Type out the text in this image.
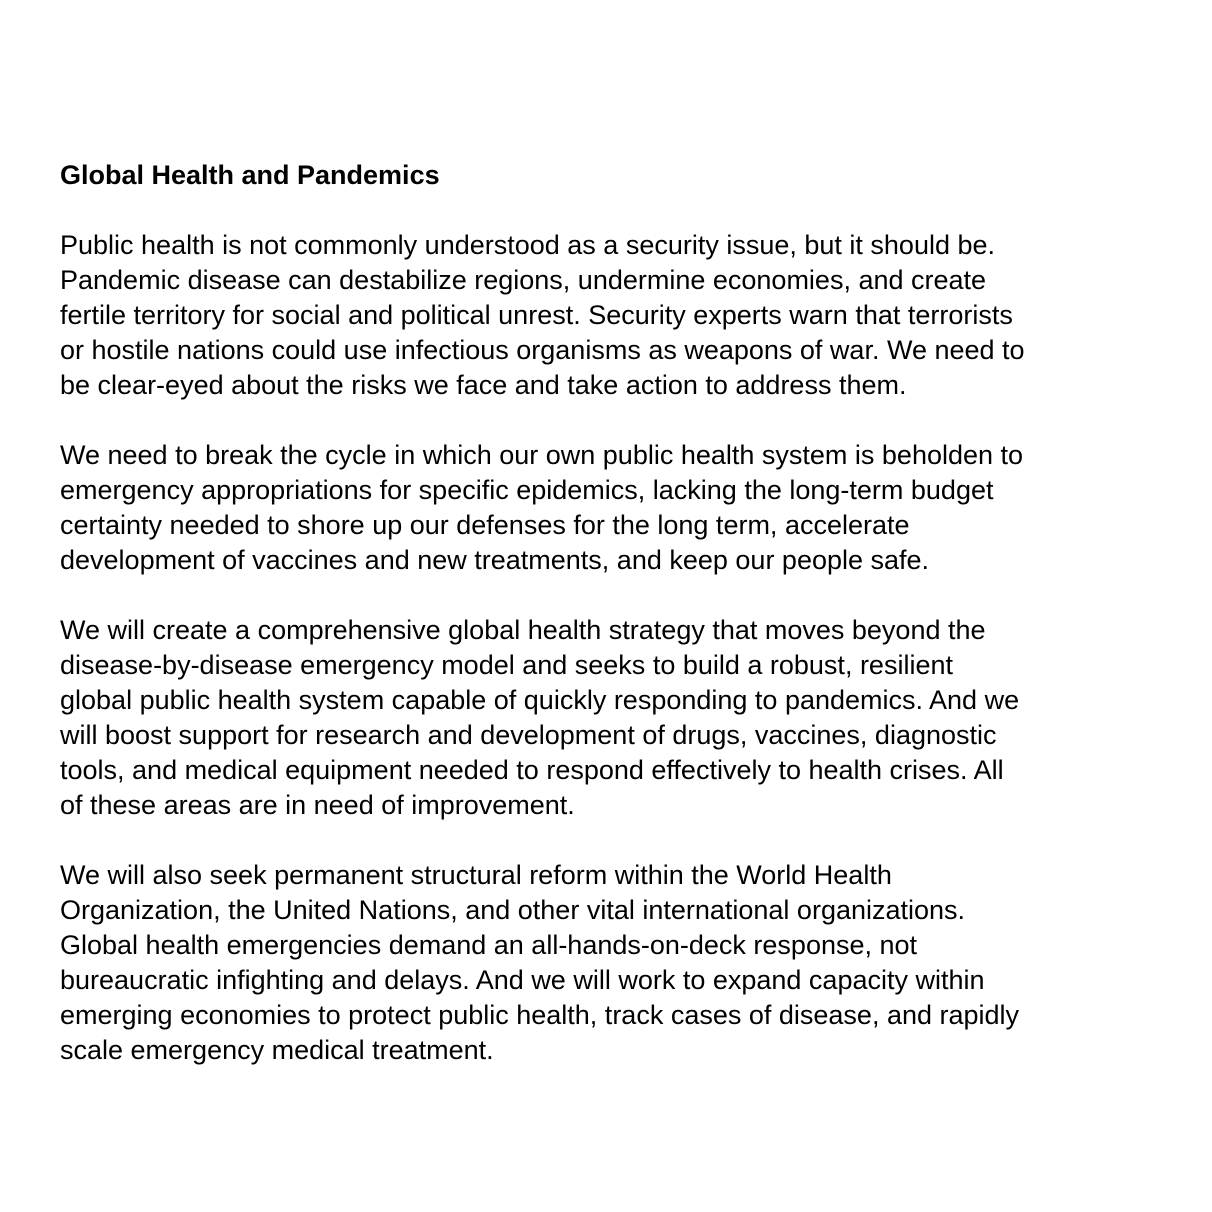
Global Health and Pandemics
Public health is not commonly understood as a security issue, but it should be.
Pandemic disease can destabilize regions, undermine economies, and create
fertile territory for social and political unrest. Security experts warn that terrorists
or hostile nations could use infectious organisms as weapons of war. We need to
be clear-eyed about the risks we face and take action to address them.
We need to break the cycle in which our own public health system is beholden to
emergency appropriations for specific epidemics, lacking the long-term budget
certainty needed to shore up our defenses for the long term, accelerate
development of vaccines and new treatments, and keep our people safe.
We will create a comprehensive global health strategy that moves beyond the
disease-by-disease emergency model and seeks to build a robust, resilient
global public health system capable of quickly responding to pandemics. And we
will boost support for research and development of drugs, vaccines, diagnostic
tools, and medical equipment needed to respond effectively to health crises. All
of these areas are in need of improvement.
We will also seek permanent structural reform within the World Health
Organization, the United Nations, and other vital international organizations.
Global health emergencies demand an all-hands-on-deck response, not
bureaucratic infighting and delays. And we will work to expand capacity within
emerging economies to protect public health, track cases of disease, and rapidly
scale emergency medical treatment.
